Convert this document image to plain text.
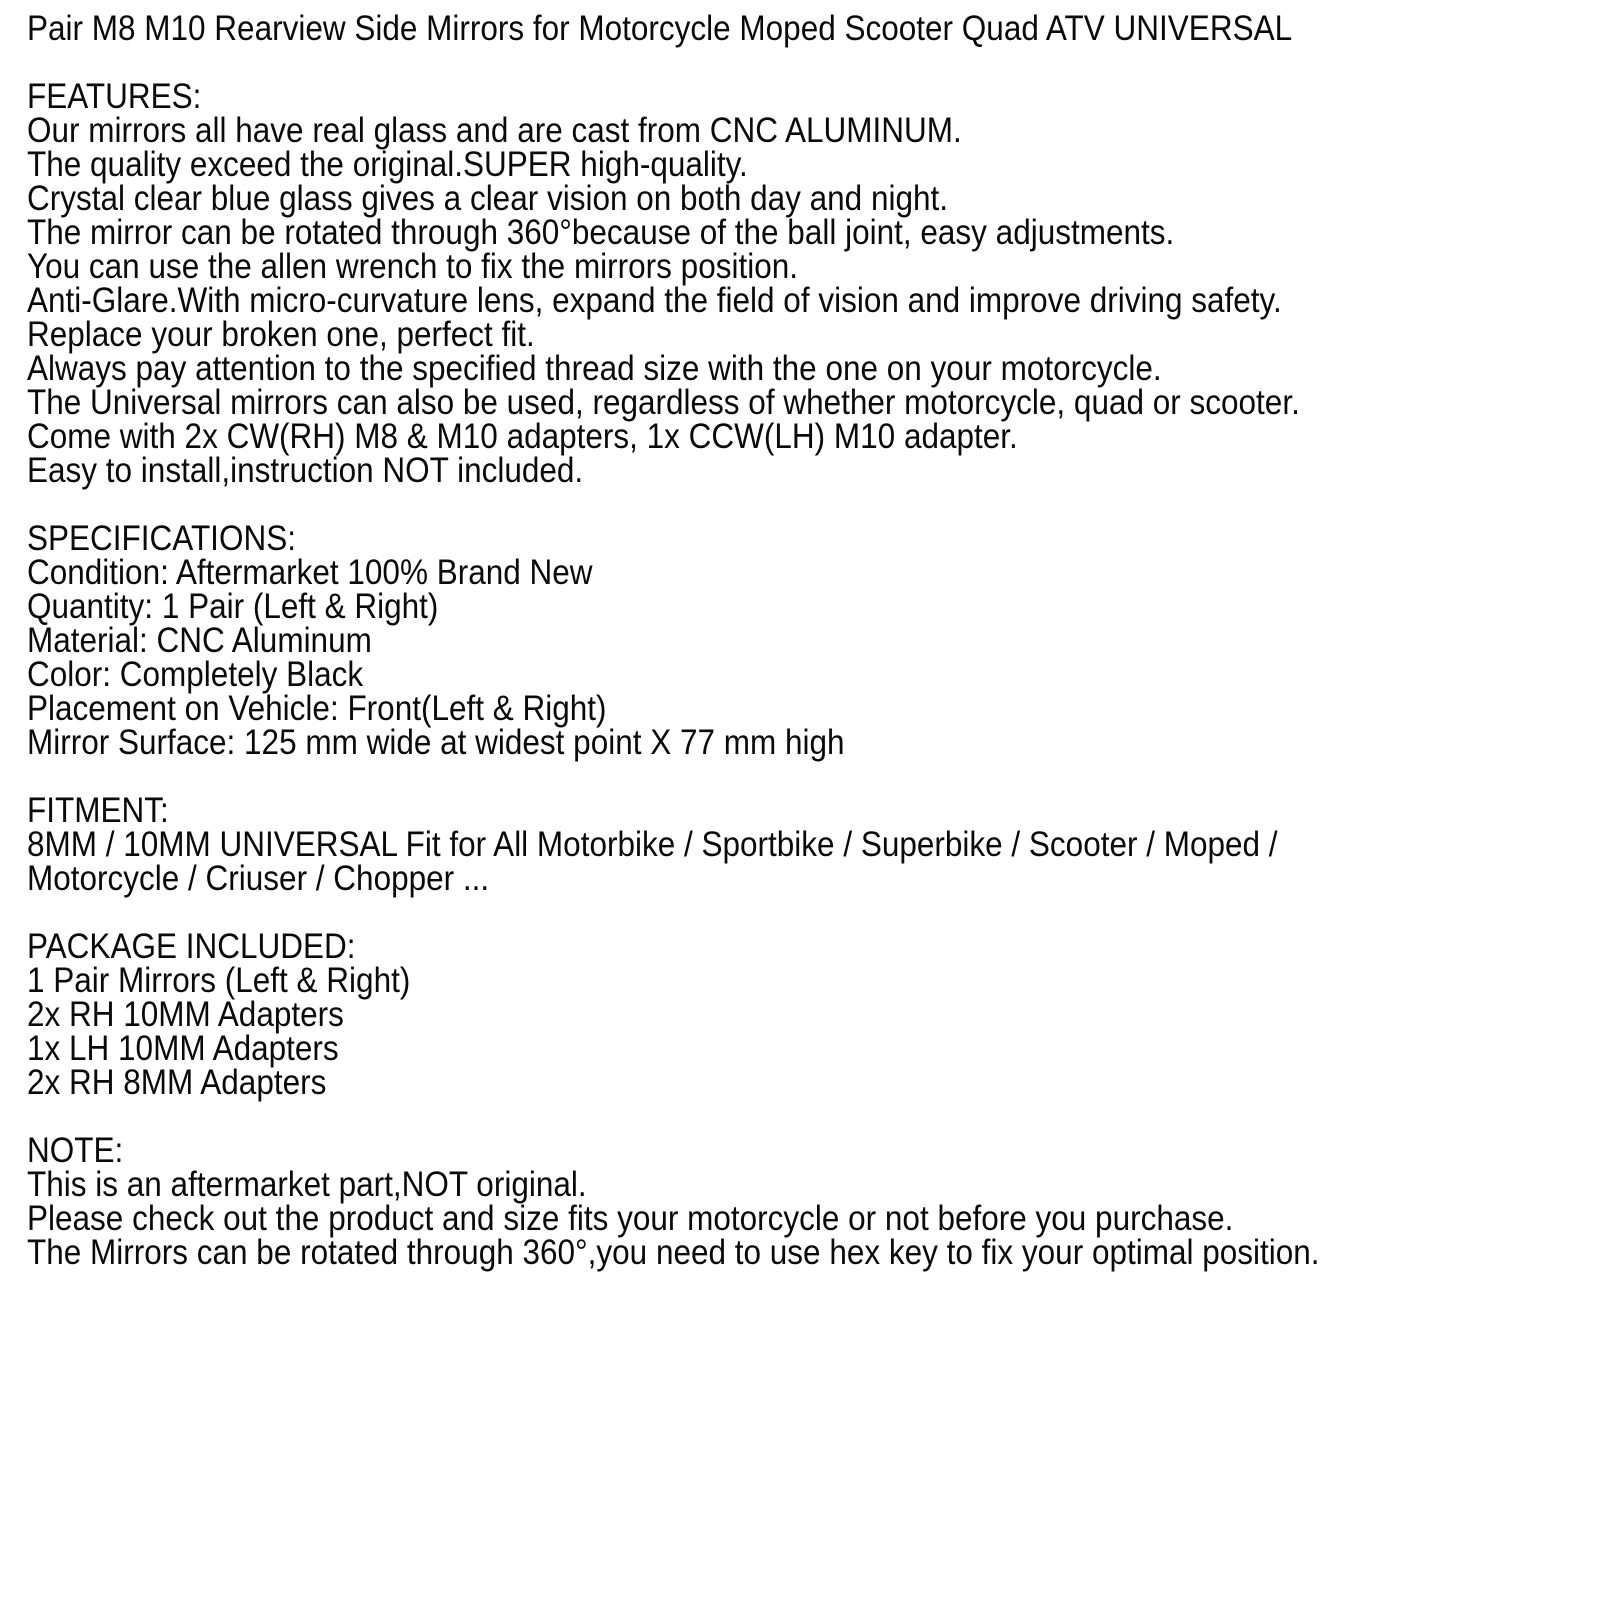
Pair M8 M10 Rearview Side Mirrors for Motorcycle Moped Scooter Quad ATV UNIVERSAL
FEATURES:
Our mirrors all have real glass and are cast from CNC ALUMINUM.
The quality exceed the original.SUPER high-quality.
Crystal clear blue glass gives a clear vision on both day and night.
The mirror can be rotated through 360°because of the ball joint, easy adjustments.
You can use the allen wrench to fix the mirrors position.
Anti-Glare.With micro-curvature lens, expand the field of vision and improve driving safety.
Replace your broken one, perfect fit.
Always pay attention to the specified thread size with the one on your motorcycle.
The Universal mirrors can also be used, regardless of whether motorcycle, quad or scooter.
Come with 2x CW(RH) M8 & M10 adapters, 1x CCW(LH) M10 adapter.
Easy to install,instruction NOT included.
SPECIFICATIONS:
Condition: Aftermarket 100% Brand New
Quantity: 1 Pair (Left & Right)
Material: CNC Aluminum
Color: Completely Black
Placement on Vehicle: Front(Left & Right)
Mirror Surface: 125 mm wide at widest point X 77 mm high
FITMENT:
8MM / 10MM UNIVERSAL Fit for All Motorbike / Sportbike / Superbike / Scooter / Moped /
Motorcycle / Criuser / Chopper ...
PACKAGE INCLUDED:
1 Pair Mirrors (Left & Right)
2x RH 10MM Adapters
1x LH 10MM Adapters
2x RH 8MM Adapters
NOTE:
This is an aftermarket part,NOT original.
Please check out the product and size fits your motorcycle or not before you purchase.
The Mirrors can be rotated through 360°,you need to use hex key to fix your optimal position.
